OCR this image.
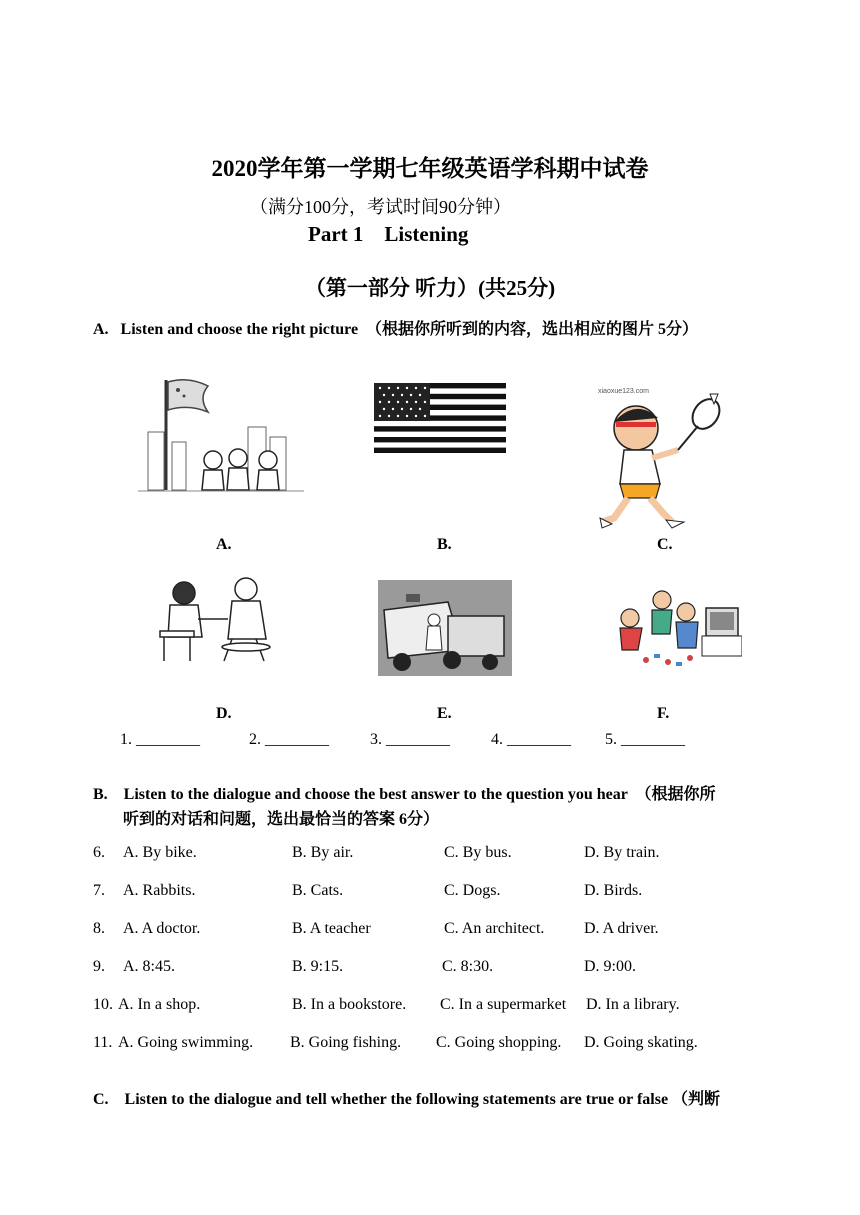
2020学年第一学期七年级英语学科期中试卷
（满分100分，考试时间90分钟）
Part 1    Listening
（第一部分 听力）(共25分)
A.   Listen and choose the right picture  （根据你所听到的内容，选出相应的图片 5分）
xiaoxue123.com
A.	B.	C.
D.	E.	F.
1. ________	2. ________	3. ________	4. ________ 5. ________
B.    Listen to the dialogue and choose the best answer to the question you hear  （根据你所
听到的对话和问题，选出最恰当的答案 6分）
6. A. By bike.	B. By air.	C. By bus.	D. By train.
7. A. Rabbits.	B. Cats.	C. Dogs.	D. Birds.
8. A. A doctor.	B. A teacher	C. An architect. D. A driver.
9. A. 8:45.	B. 9:15.	C. 8:30.	D. 9:00.
10. A. In a shop.	B. In a bookstore. C. In a supermarket D. In a library.
11. A. Going swimming. B. Going fishing. C. Going shopping. D. Going skating.
C.    Listen to the dialogue and tell whether the following statements are true or false （判断
